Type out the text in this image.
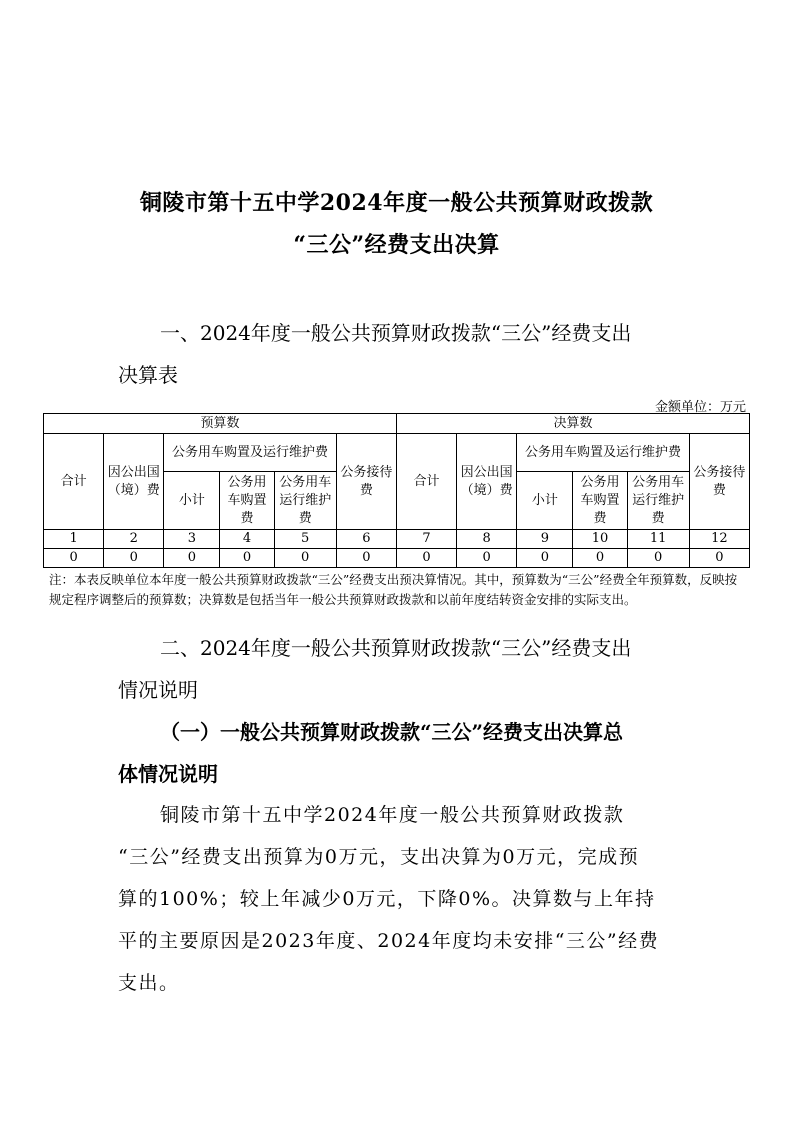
铜陵市第十五中学2024年度一般公共预算财政拨款
“三公”经费支出决算
一、2024年度一般公共预算财政拨款“三公”经费支出
决算表
金额单位：万元
预算数						决算数					
合计	因公出国（境）费	公务用车购置及运行维护费			公务接待费	合计	因公出国（境）费	公务用车购置及运行维护费			公务接待费
		小计	公务用车购置费	公务用车运行维护费				小计	公务用车购置费	公务用车运行维护费	
1	2	3	4	5	6	7	8	9	10	11	12
0	0	0	0	0	0	0	0	0	0	0	0
注：本表反映单位本年度一般公共预算财政拨款“三公”经费支出预决算情况。其中，预算数为“三公”经费全年预算数，反映按规定程序调整后的预算数；决算数是包括当年一般公共预算财政拨款和以前年度结转资金安排的实际支出。
二、2024年度一般公共预算财政拨款“三公”经费支出
情况说明
（一）一般公共预算财政拨款“三公”经费支出决算总
体情况说明
铜陵市第十五中学2024年度一般公共预算财政拨款
“三公”经费支出预算为0万元，支出决算为0万元，完成预
算的100%；较上年减少0万元，下降0%。决算数与上年持
平的主要原因是2023年度、2024年度均未安排“三公”经费
支出。
